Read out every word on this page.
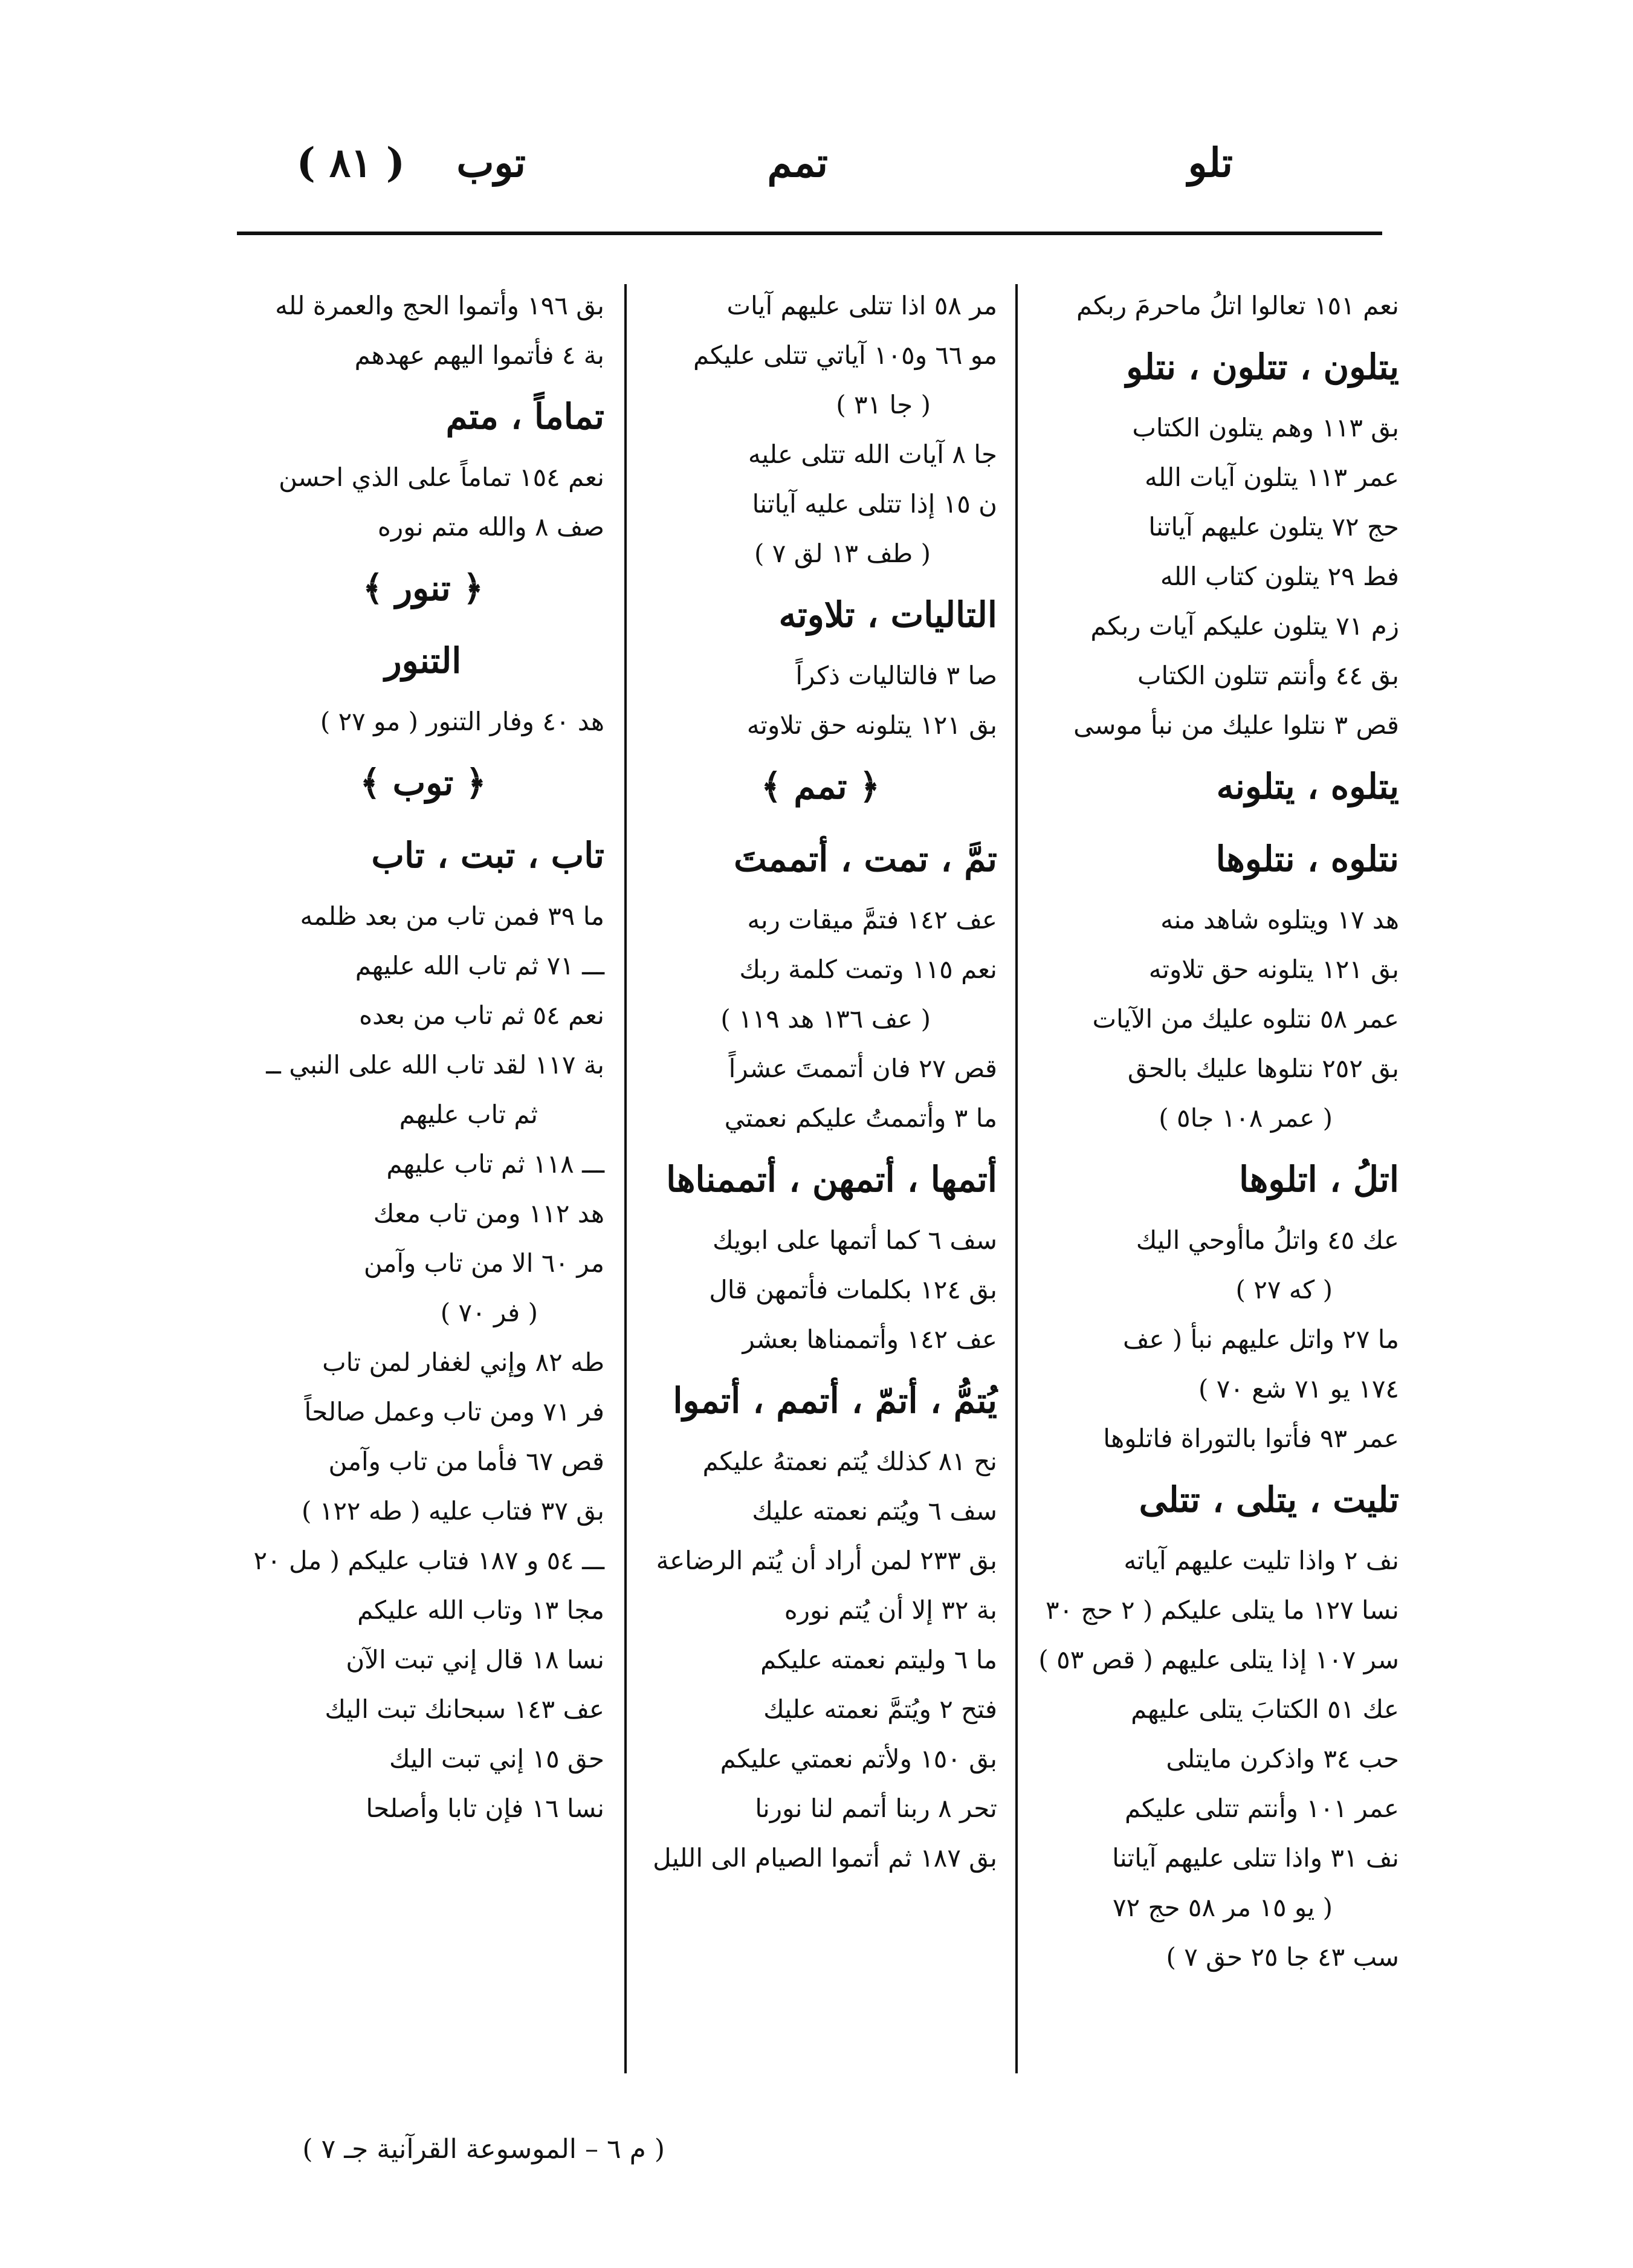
تلو
تمم
توب
( ٨١ )
نعم ١٥١ تعالوا اتلُ ماحرمَ ربكم
يتلون ، تتلون ، نتلو
بق ١١٣ وهم يتلون الكتاب
عمر ١١٣ يتلون آيات الله
حج ٧٢ يتلون عليهم آياتنا
فط ٢٩ يتلون كتاب الله
زم ٧١ يتلون عليكم آيات ربكم
بق ٤٤ وأنتم تتلون الكتاب
قص ٣ نتلوا عليك من نبأ موسى
يتلوه ، يتلونه
نتلوه ، نتلوها
هد ١٧ ويتلوه شاهد منه
بق ١٢١ يتلونه حق تلاوته
عمر ٥٨ نتلوه عليك من الآيات
بق ٢٥٢ نتلوها عليك بالحق
( عمر ١٠٨ جا٥ )
اتلُ ، اتلوها
عك ٤٥ واتلُ ماأوحي اليك
( كه ٢٧ )
ما ٢٧ واتل عليهم نبأ ( عف
١٧٤ يو ٧١ شع ٧٠ )
عمر ٩٣ فأتوا بالتوراة فاتلوها
تليت ، يتلى ، تتلى
نف ٢ واذا تليت عليهم آياته
نسا ١٢٧ ما يتلى عليكم ( ٢ حج ٣٠
سر ١٠٧ إذا يتلى عليهم ( قص ٥٣ )
عك ٥١ الكتابَ يتلى عليهم
حب ٣٤ واذكرن مايتلى
عمر ١٠١ وأنتم تتلى عليكم
نف ٣١ واذا تتلى عليهم آياتنا
( يو ١٥ مر ٥٨ حج ٧٢
سب ٤٣ جا ٢٥ حق ٧ )
مر ٥٨ اذا تتلى عليهم آيات
مو ٦٦ و١٠٥ آياتي تتلى عليكم
( جا ٣١ )
جا ٨ آيات الله تتلى عليه
ن ١٥ إذا تتلى عليه آياتنا
( طف ١٣ لق ٧ )
التاليات ، تلاوته
صا ٣ فالتاليات ذكراً
بق ١٢١ يتلونه حق تلاوته
﴿ تمم ﴾
تمَّ ، تمت ، أتممتَ
عف ١٤٢ فتمَّ ميقات ربه
نعم ١١٥ وتمت كلمة ربك
( عف ١٣٦ هد ١١٩ )
قص ٢٧ فان أتممتَ عشراً
ما ٣ وأتممتُ عليكم نعمتي
أتمها ، أتمهن ، أتممناها
سف ٦ كما أتمها على ابويك
بق ١٢٤ بكلمات فأتمهن قال
عف ١٤٢ وأتممناها بعشر
يُتمُّ ، أتمّ ، أتمم ، أتموا
نح ٨١ كذلك يُتم نعمتهُ عليكم
سف ٦ ويُتم نعمته عليك
بق ٢٣٣ لمن أراد أن يُتم الرضاعة
بة ٣٢ إلا أن يُتم نوره
ما ٦ وليتم نعمته عليكم
فتح ٢ ويُتمَّ نعمته عليك
بق ١٥٠ ولأتم نعمتي عليكم
تحر ٨ ربنا أتمم لنا نورنا
بق ١٨٧ ثم أتموا الصيام الى الليل
بق ١٩٦ وأتموا الحج والعمرة لله
بة ٤ فأتموا اليهم عهدهم
تماماً ، متم
نعم ١٥٤ تماماً على الذي احسن
صف ٨ والله متم نوره
﴿ تنور ﴾
التنور
هد ٤٠ وفار التنور ( مو ٢٧ )
﴿ توب ﴾
تاب ، تبت ، تاب
ما ٣٩ فمن تاب من بعد ظلمه
ـــ ٧١ ثم تاب الله عليهم
نعم ٥٤ ثم تاب من بعده
بة ١١٧ لقد تاب الله على النبي ــ
ثم تاب عليهم
ـــ ١١٨ ثم تاب عليهم
هد ١١٢ ومن تاب معك
مر ٦٠ الا من تاب وآمن
( فر ٧٠ )
طه ٨٢ وإني لغفار لمن تاب
فر ٧١ ومن تاب وعمل صالحاً
قص ٦٧ فأما من تاب وآمن
بق ٣٧ فتاب عليه ( طه ١٢٢ )
ـــ ٥٤ و ١٨٧ فتاب عليكم ( مل ٢٠
مجا ١٣ وتاب الله عليكم
نسا ١٨ قال إني تبت الآن
عف ١٤٣ سبحانك تبت اليك
حق ١٥ إني تبت اليك
نسا ١٦ فإن تابا وأصلحا
( م ٦ – الموسوعة القرآنية جـ ٧ )
